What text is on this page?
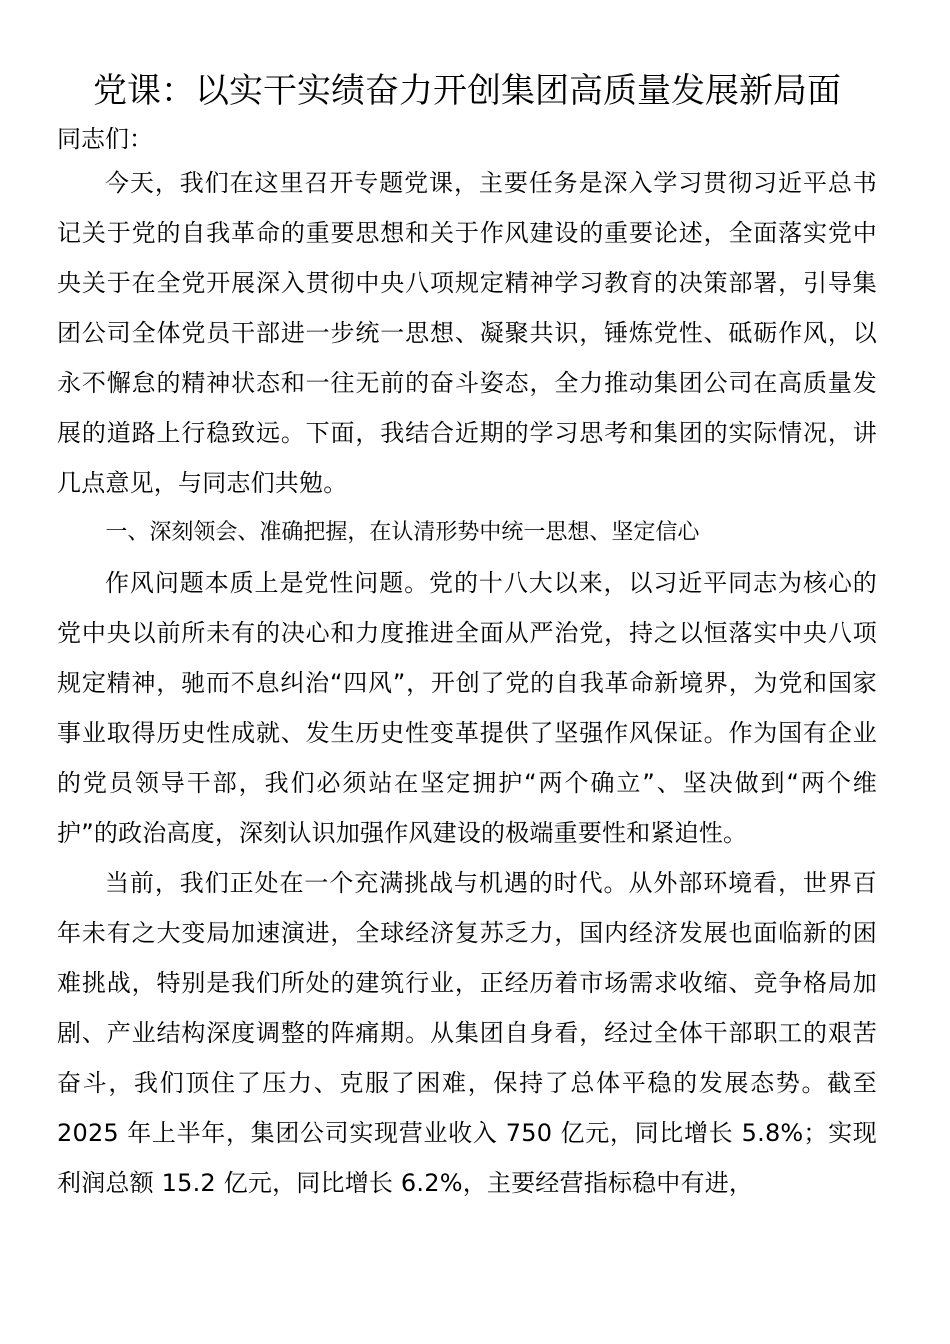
党课：以实干实绩奋力开创集团高质量发展新局面

同志们：

今天，我们在这里召开专题党课，主要任务是深入学习贯彻习近平总书记关于党的自我革命的重要思想和关于作风建设的重要论述，全面落实党中央关于在全党开展深入贯彻中央八项规定精神学习教育的决策部署，引导集团公司全体党员干部进一步统一思想、凝聚共识，锤炼党性、砥砺作风，以永不懈怠的精神状态和一往无前的奋斗姿态，全力推动集团公司在高质量发展的道路上行稳致远。下面，我结合近期的学习思考和集团的实际情况，讲几点意见，与同志们共勉。

一、深刻领会、准确把握，在认清形势中统一思想、坚定信心

作风问题本质上是党性问题。党的十八大以来，以习近平同志为核心的党中央以前所未有的决心和力度推进全面从严治党，持之以恒落实中央八项规定精神，驰而不息纠治“四风”，开创了党的自我革命新境界，为党和国家事业取得历史性成就、发生历史性变革提供了坚强作风保证。作为国有企业的党员领导干部，我们必须站在坚定拥护“两个确立”、坚决做到“两个维护”的政治高度，深刻认识加强作风建设的极端重要性和紧迫性。

当前，我们正处在一个充满挑战与机遇的时代。从外部环境看，世界百年未有之大变局加速演进，全球经济复苏乏力，国内经济发展也面临新的困难挑战，特别是我们所处的建筑行业，正经历着市场需求收缩、竞争格局加剧、产业结构深度调整的阵痛期。从集团自身看，经过全体干部职工的艰苦奋斗，我们顶住了压力、克服了困难，保持了总体平稳的发展态势。截至 2025 年上半年，集团公司实现营业收入 750 亿元，同比增长 5.8%；实现利润总额 15.2 亿元，同比增长 6.2%，主要经营指标稳中有进，
